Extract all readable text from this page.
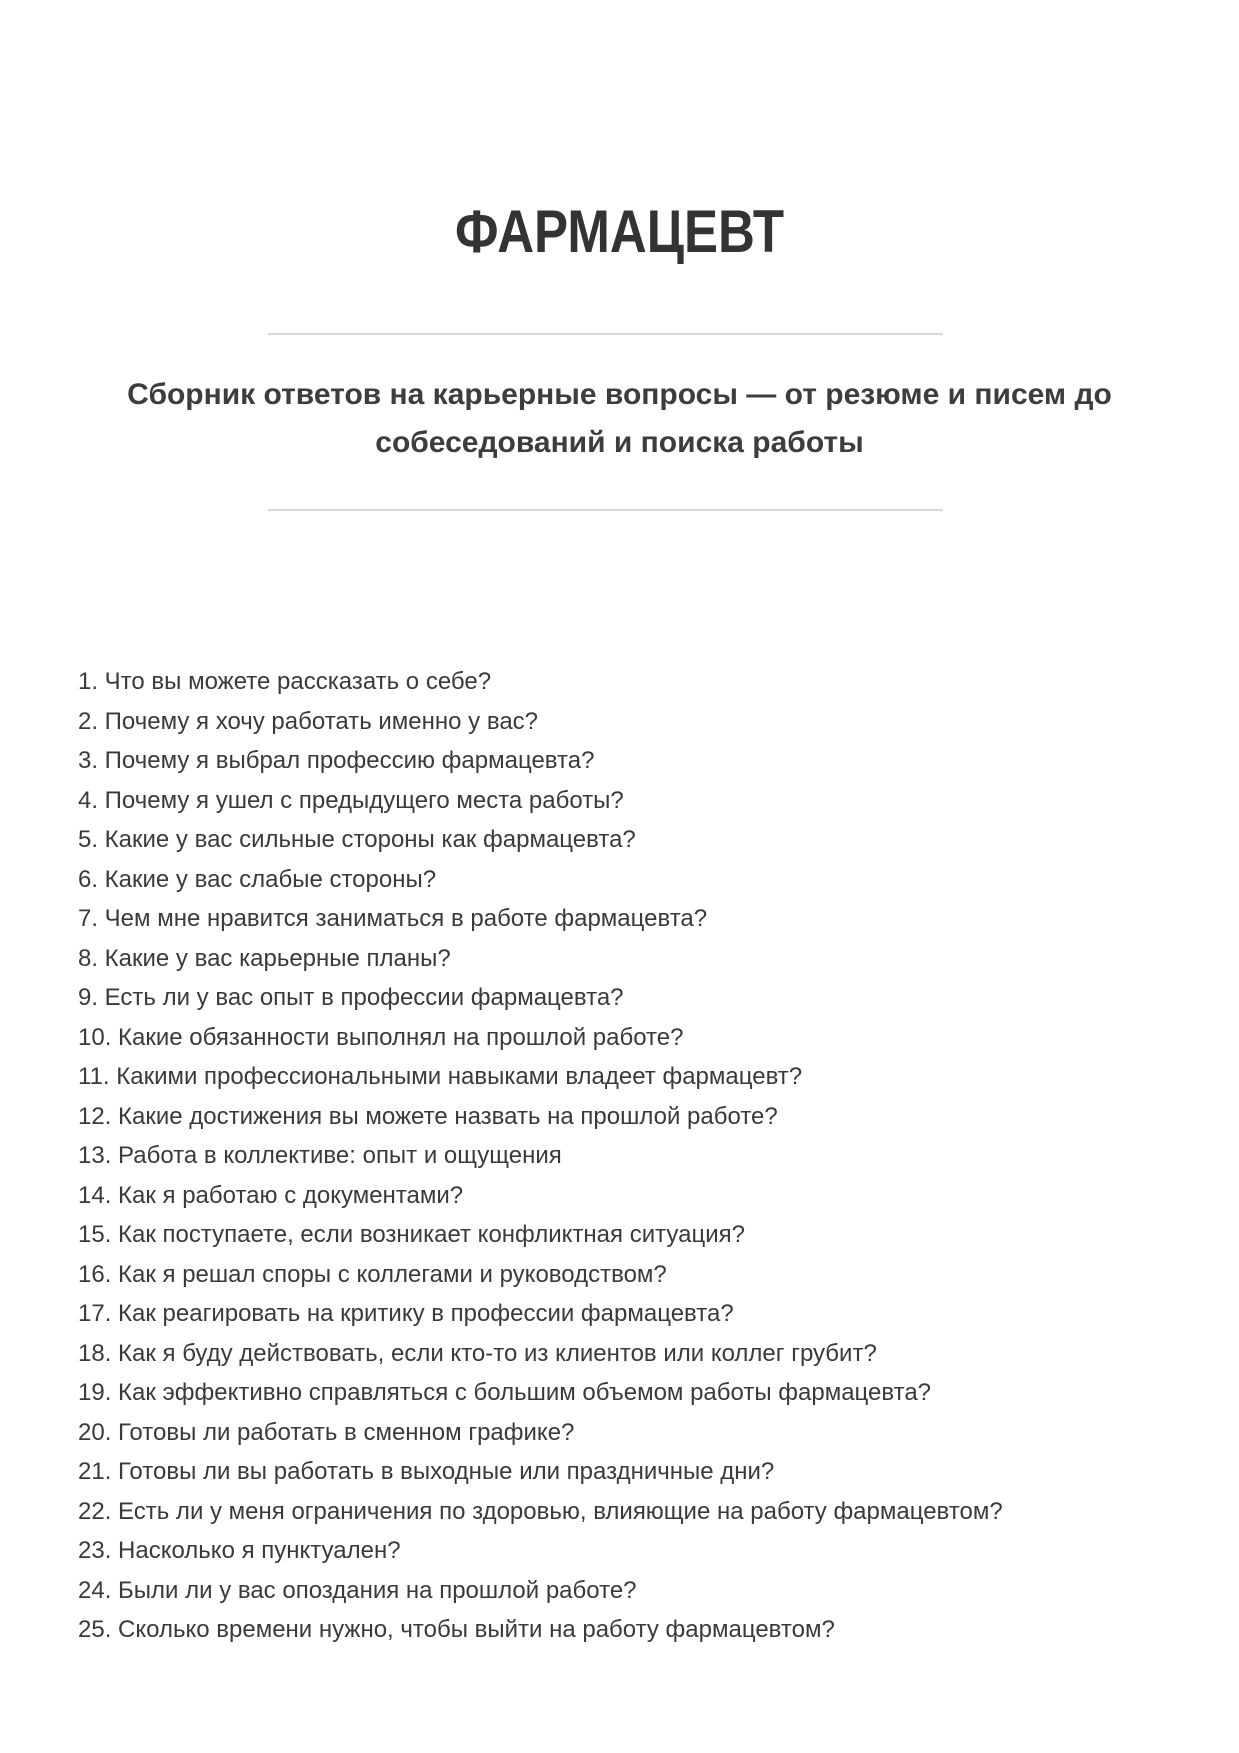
ФАРМАЦЕВТ

Сборник ответов на карьерные вопросы — от резюме и писем до собеседований и поиска работы

1. Что вы можете рассказать о себе?
2. Почему я хочу работать именно у вас?
3. Почему я выбрал профессию фармацевта?
4. Почему я ушел с предыдущего места работы?
5. Какие у вас сильные стороны как фармацевта?
6. Какие у вас слабые стороны?
7. Чем мне нравится заниматься в работе фармацевта?
8. Какие у вас карьерные планы?
9. Есть ли у вас опыт в профессии фармацевта?
10. Какие обязанности выполнял на прошлой работе?
11. Какими профессиональными навыками владеет фармацевт?
12. Какие достижения вы можете назвать на прошлой работе?
13. Работа в коллективе: опыт и ощущения
14. Как я работаю с документами?
15. Как поступаете, если возникает конфликтная ситуация?
16. Как я решал споры с коллегами и руководством?
17. Как реагировать на критику в профессии фармацевта?
18. Как я буду действовать, если кто-то из клиентов или коллег грубит?
19. Как эффективно справляться с большим объемом работы фармацевта?
20. Готовы ли работать в сменном графике?
21. Готовы ли вы работать в выходные или праздничные дни?
22. Есть ли у меня ограничения по здоровью, влияющие на работу фармацевтом?
23. Насколько я пунктуален?
24. Были ли у вас опоздания на прошлой работе?
25. Сколько времени нужно, чтобы выйти на работу фармацевтом?
